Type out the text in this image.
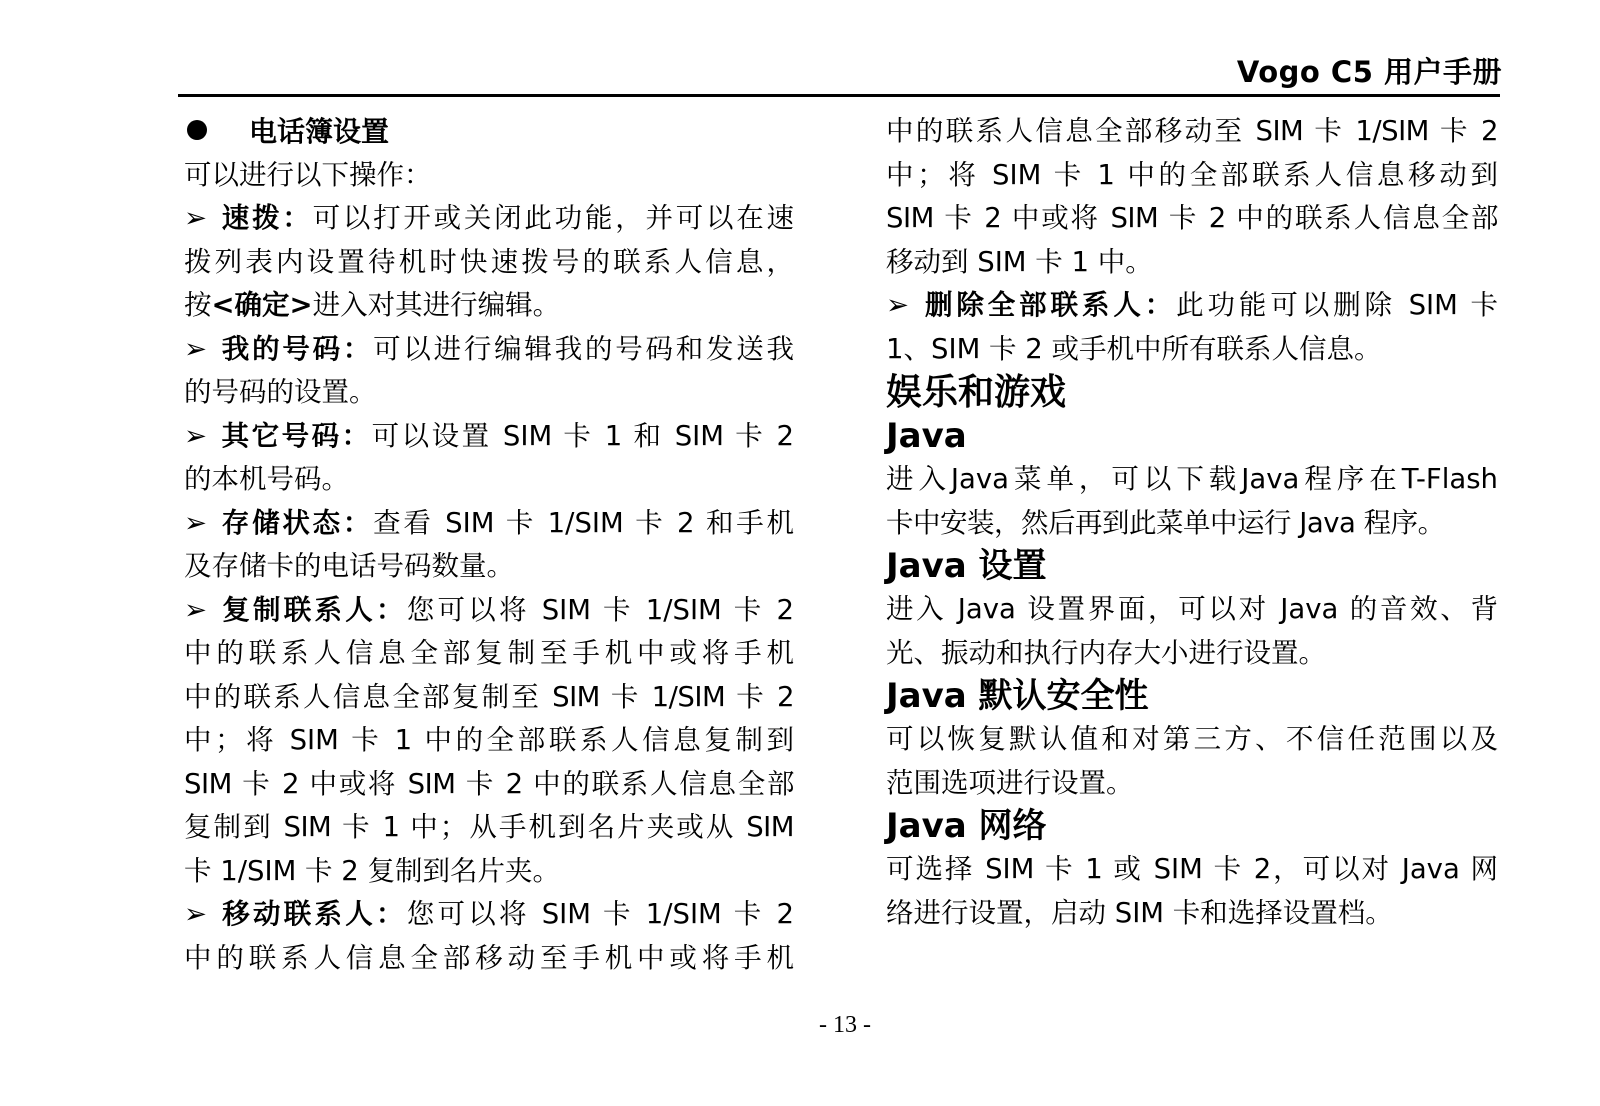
Vogo C5 用户手册
电话簿设置
可以进行以下操作：
➢ 速拨：可以打开或关闭此功能，并可以在速
拨列表内设置待机时快速拨号的联系人信息，
按<确定>进入对其进行编辑。
➢ 我的号码：可以进行编辑我的号码和发送我
的号码的设置。
➢ 其它号码：可以设置 SIM 卡 1 和 SIM 卡 2
的本机号码。
➢ 存储状态：查看 SIM 卡 1/SIM 卡 2 和手机
及存储卡的电话号码数量。
➢ 复制联系人：您可以将 SIM 卡 1/SIM 卡 2
中的联系人信息全部复制至手机中或将手机
中的联系人信息全部复制至 SIM 卡 1/SIM 卡 2
中；将 SIM 卡 1 中的全部联系人信息复制到
SIM 卡 2 中或将 SIM 卡 2 中的联系人信息全部
复制到 SIM 卡 1 中；从手机到名片夹或从 SIM
卡 1/SIM 卡 2 复制到名片夹。
➢ 移动联系人：您可以将 SIM 卡 1/SIM 卡 2
中的联系人信息全部移动至手机中或将手机
中的联系人信息全部移动至 SIM 卡 1/SIM 卡 2
中；将 SIM 卡 1 中的全部联系人信息移动到
SIM 卡 2 中或将 SIM 卡 2 中的联系人信息全部
移动到 SIM 卡 1 中。
➢ 删除全部联系人：此功能可以删除 SIM 卡
1、SIM 卡 2 或手机中所有联系人信息。
娱乐和游戏
Java
进入Java菜单，可以下载Java程序在T-Flash
卡中安装，然后再到此菜单中运行 Java 程序。
Java 设置
进入 Java 设置界面，可以对 Java 的音效、背
光、振动和执行内存大小进行设置。
Java 默认安全性
可以恢复默认值和对第三方、不信任范围以及
范围选项进行设置。
Java 网络
可选择 SIM 卡 1 或 SIM 卡 2，可以对 Java 网
络进行设置，启动 SIM 卡和选择设置档。
- 13 -
